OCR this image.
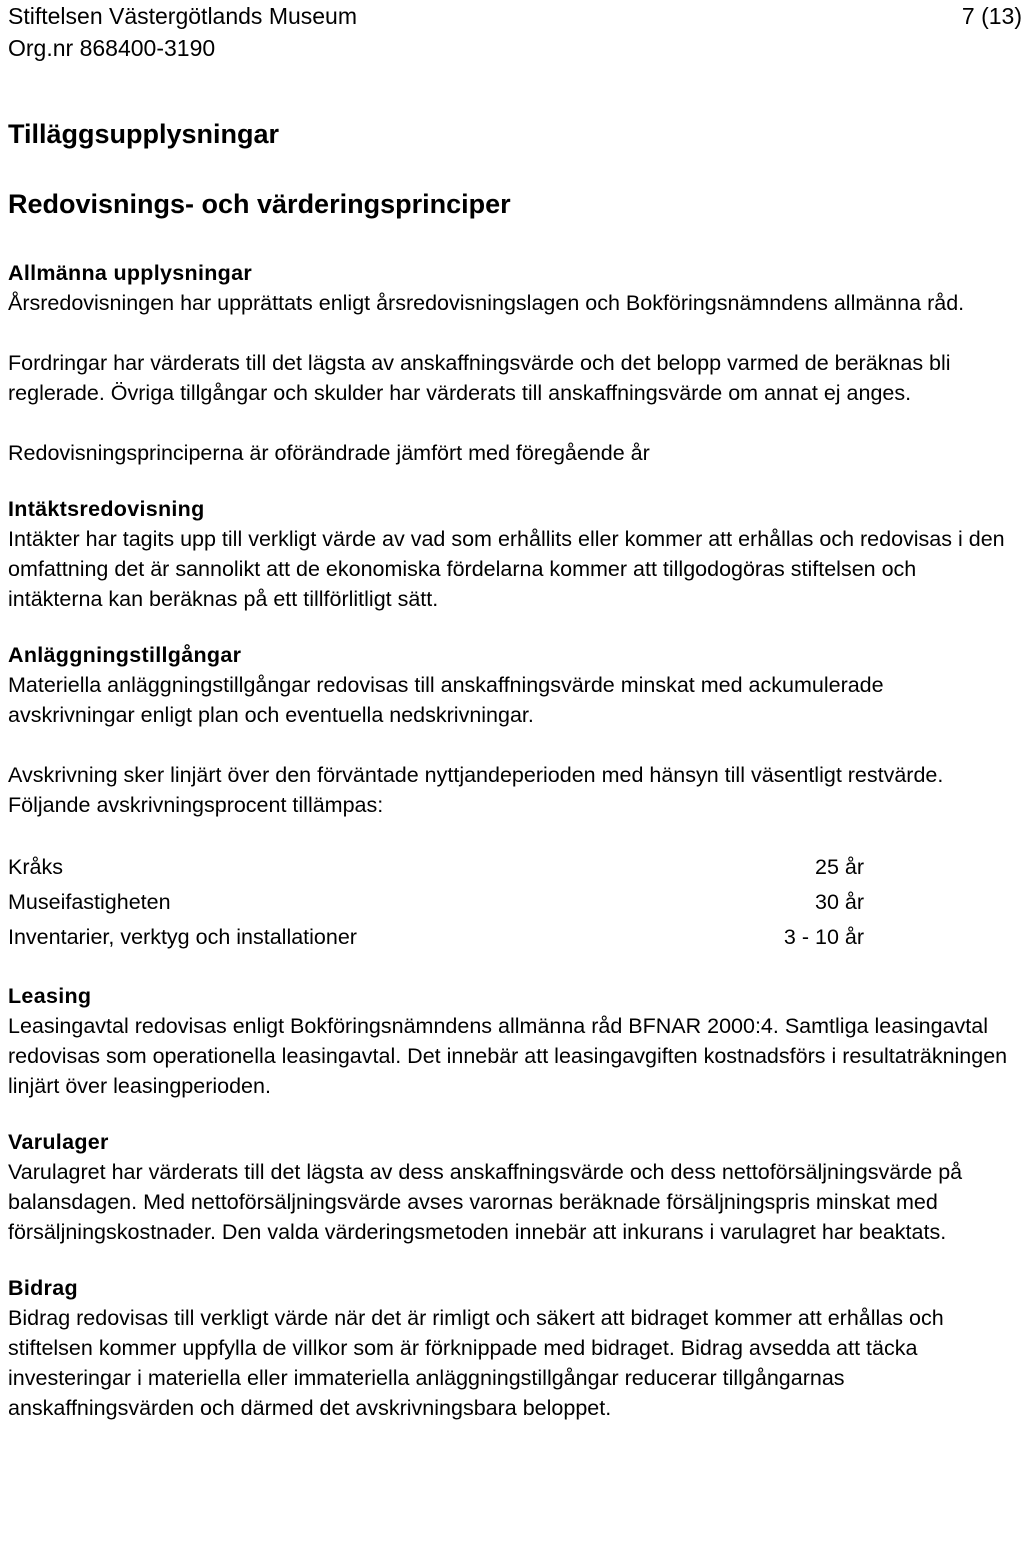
Stiftelsen Västergötlands Museum
Org.nr 868400-3190
7 (13)
Tilläggsupplysningar
Redovisnings- och värderingsprinciper
Allmänna upplysningar

Årsredovisningen har upprättats enligt årsredovisningslagen och Bokföringsnämndens allmänna råd.

Fordringar har värderats till det lägsta av anskaffningsvärde och det belopp varmed de beräknas bli reglerade. Övriga tillgångar och skulder har värderats till anskaffningsvärde om annat ej anges.

Redovisningsprinciperna är oförändrade jämfört med föregående år

Intäktsredovisning

Intäkter har tagits upp till verkligt värde av vad som erhållits eller kommer att erhållas och redovisas i den omfattning det är sannolikt att de ekonomiska fördelarna kommer att tillgodogöras stiftelsen och intäkterna kan beräknas på ett tillförlitligt sätt.

Anläggningstillgångar

Materiella anläggningstillgångar redovisas till anskaffningsvärde minskat med ackumulerade avskrivningar enligt plan och eventuella nedskrivningar.

Avskrivning sker linjärt över den förväntade nyttjandeperioden med hänsyn till väsentligt restvärde. Följande avskrivningsprocent tillämpas:

Kråks	25 år
Museifastigheten	30 år
Inventarier, verktyg och installationer	3 - 10 år
Leasing

Leasingavtal redovisas enligt Bokföringsnämndens allmänna råd BFNAR 2000:4. Samtliga leasingavtal redovisas som operationella leasingavtal. Det innebär att leasingavgiften kostnadsförs i resultaträkningen linjärt över leasingperioden.

Varulager

Varulagret har värderats till det lägsta av dess anskaffningsvärde och dess nettoförsäljningsvärde på balansdagen. Med nettoförsäljningsvärde avses varornas beräknade försäljningspris minskat med försäljningskostnader. Den valda värderingsmetoden innebär att inkurans i varulagret har beaktats.

Bidrag

Bidrag redovisas till verkligt värde när det är rimligt och säkert att bidraget kommer att erhållas och stiftelsen kommer uppfylla de villkor som är förknippade med bidraget. Bidrag avsedda att täcka investeringar i materiella eller immateriella anläggningstillgångar reducerar tillgångarnas anskaffningsvärden och därmed det avskrivningsbara beloppet.
